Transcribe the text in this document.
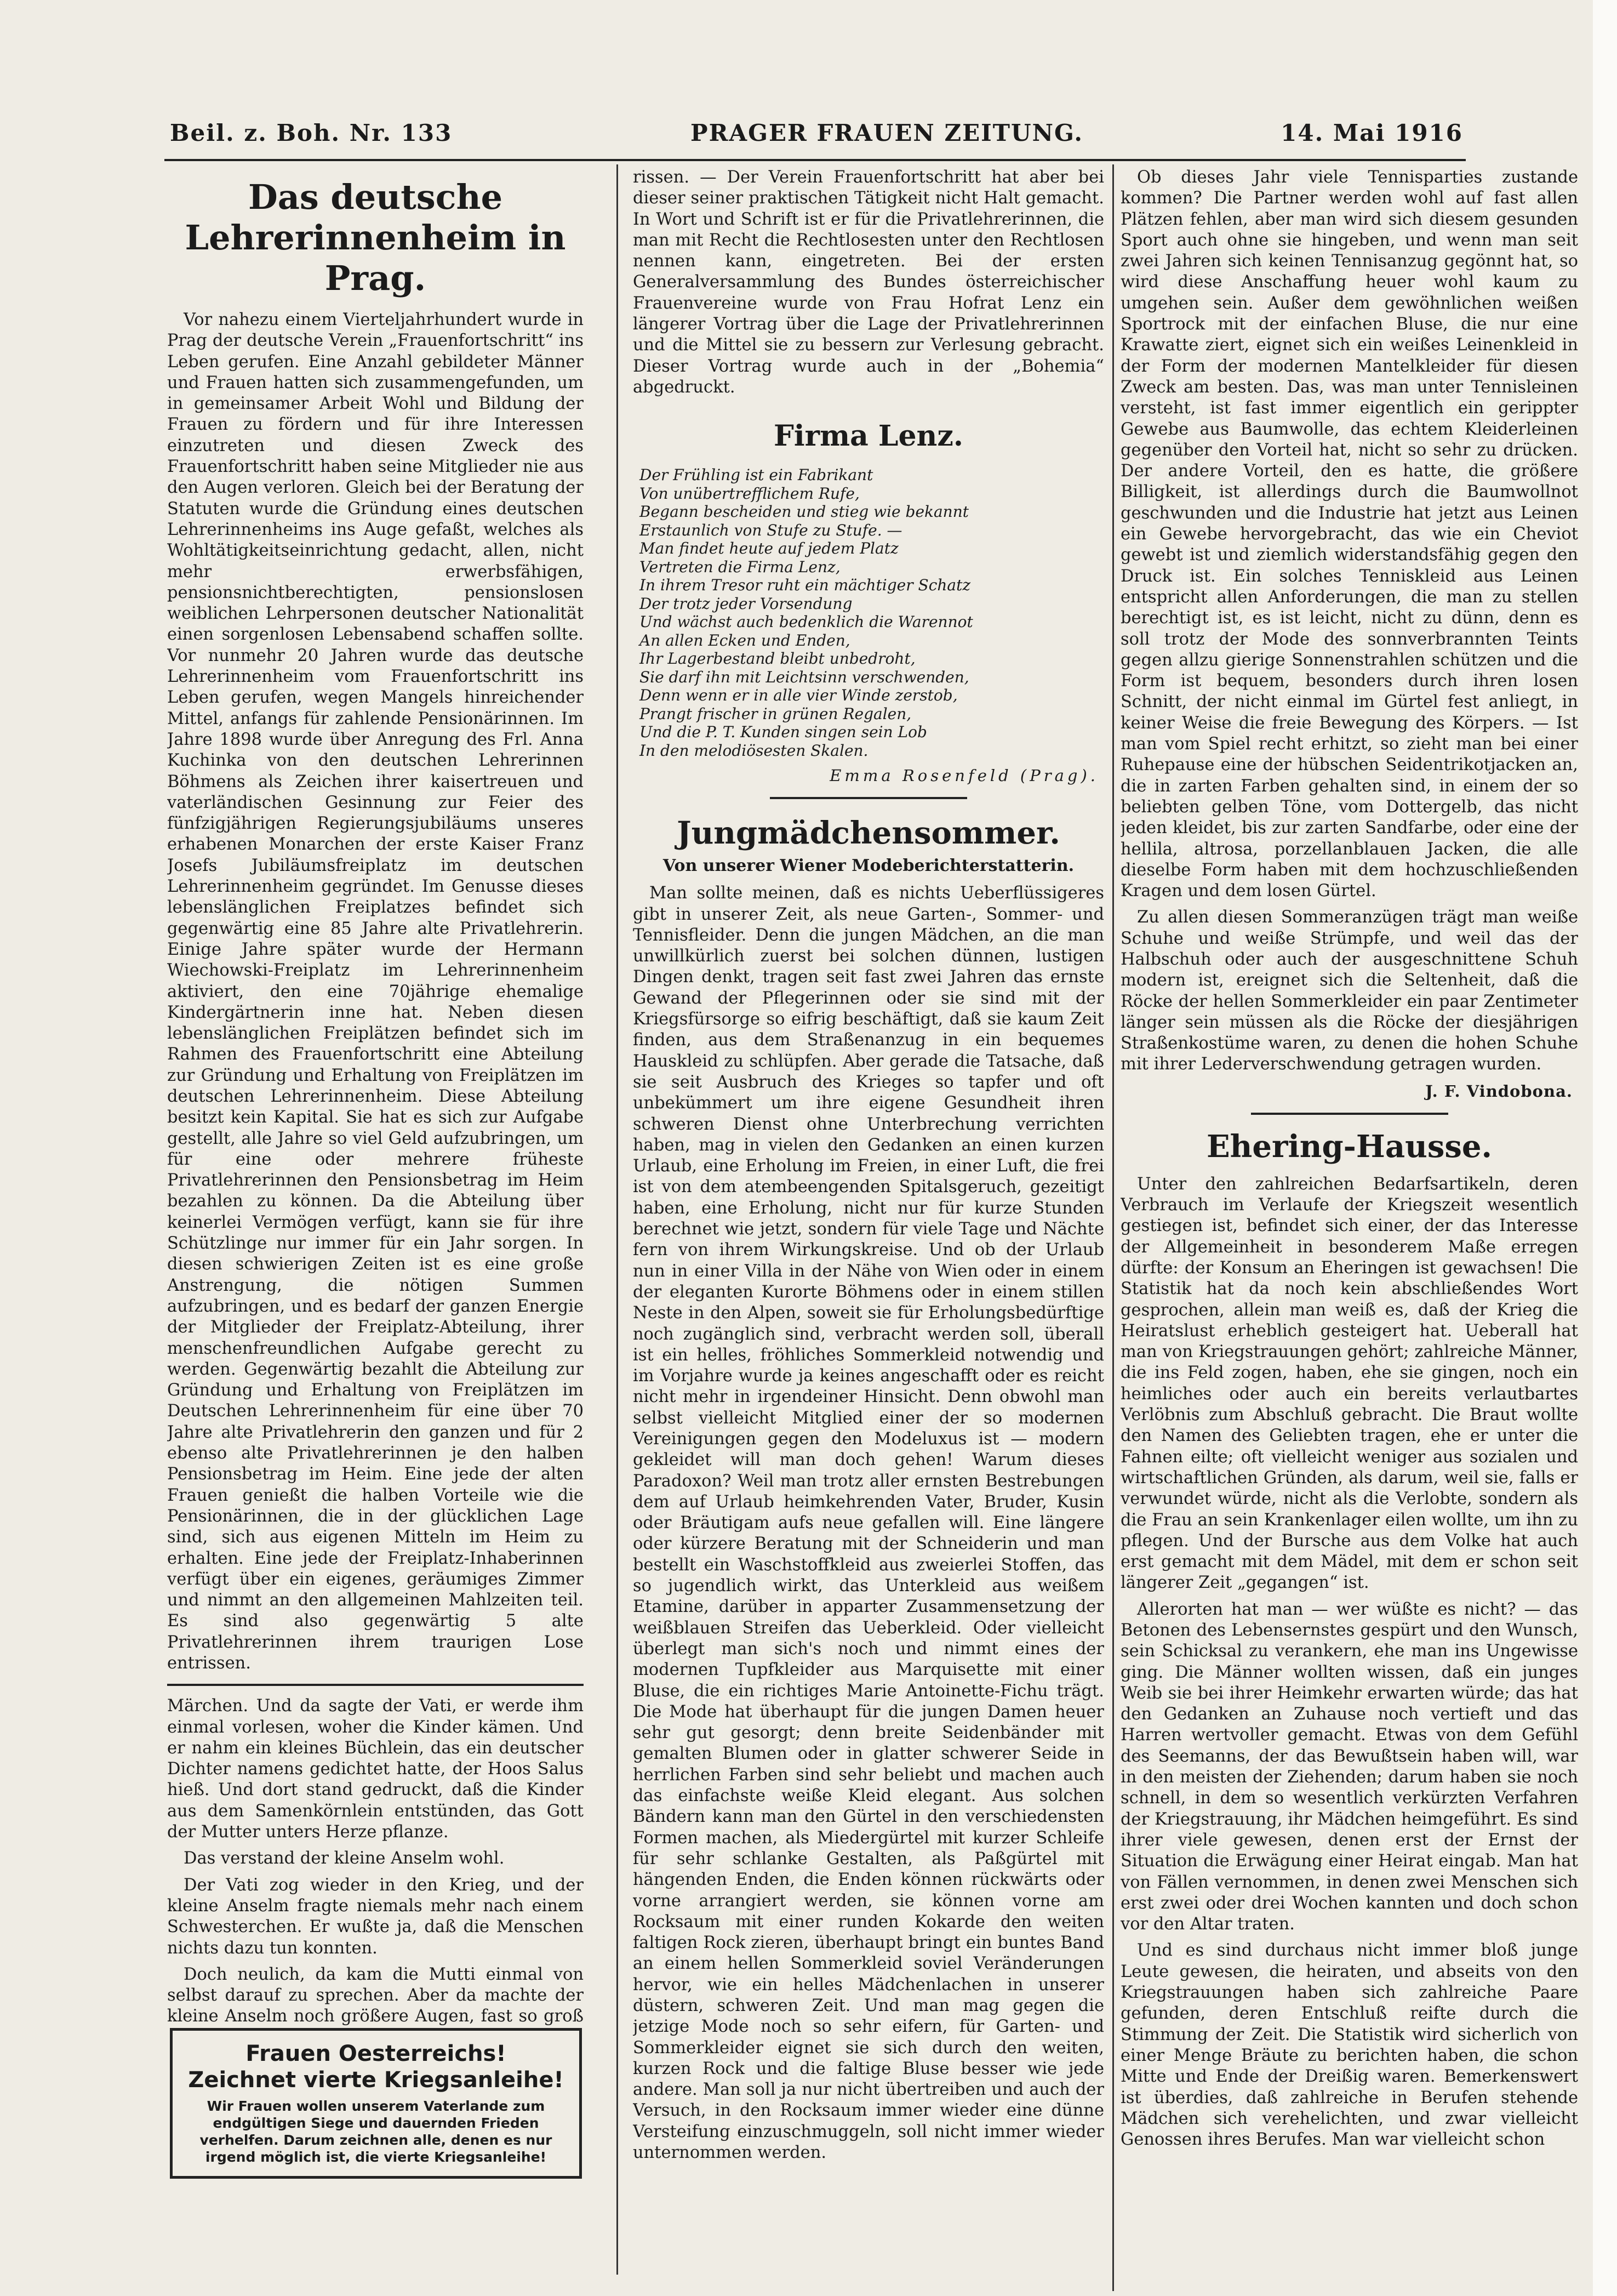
Beil. z. Boh. Nr. 133	PRAGER FRAUEN ZEITUNG.	14. Mai 1916
Das deutsche Lehrerinnenheim in Prag.

Vor nahezu einem Vierteljahrhundert wurde in Prag der deutsche Verein „Frauenfortschritt“ ins Leben gerufen. Eine Anzahl gebildeter Männer und Frauen hatten sich zusammengefunden, um in gemeinsamer Arbeit Wohl und Bildung der Frauen zu fördern und für ihre Interessen einzutreten und diesen Zweck des Frauenfortschritt haben seine Mitglieder nie aus den Augen verloren. Gleich bei der Beratung der Statuten wurde die Gründung eines deutschen Lehrerinnenheims ins Auge gefaßt, welches als Wohltätigkeitseinrichtung gedacht, allen, nicht mehr erwerbsfähigen, pensionsnichtberechtigten, pensionslosen weiblichen Lehrpersonen deutscher Nationalität einen sorgenlosen Lebensabend schaffen sollte. Vor nunmehr 20 Jahren wurde das deutsche Lehrerinnenheim vom Frauenfortschritt ins Leben gerufen, wegen Mangels hinreichender Mittel, anfangs für zahlende Pensionärinnen. Im Jahre 1898 wurde über Anregung des Frl. Anna Kuchinka von den deutschen Lehrerinnen Böhmens als Zeichen ihrer kaisertreuen und vaterländischen Gesinnung zur Feier des fünfzigjährigen Regierungsjubiläums unseres erhabenen Monarchen der erste Kaiser Franz Josefs Jubiläumsfreiplatz im deutschen Lehrerinnenheim gegründet. Im Genusse dieses lebenslänglichen Freiplatzes befindet sich gegenwärtig eine 85 Jahre alte Privatlehrerin. Einige Jahre später wurde der Hermann Wiechowski-Freiplatz im Lehrerinnenheim aktiviert, den eine 70jährige ehemalige Kindergärtnerin inne hat. Neben diesen lebenslänglichen Freiplätzen befindet sich im Rahmen des Frauenfortschritt eine Abteilung zur Gründung und Erhaltung von Freiplätzen im deutschen Lehrerinnenheim. Diese Abteilung besitzt kein Kapital. Sie hat es sich zur Aufgabe gestellt, alle Jahre so viel Geld aufzubringen, um für eine oder mehrere früheste Privatlehrerinnen den Pensionsbetrag im Heim bezahlen zu können. Da die Abteilung über keinerlei Vermögen verfügt, kann sie für ihre Schützlinge nur immer für ein Jahr sorgen. In diesen schwierigen Zeiten ist es eine große Anstrengung, die nötigen Summen aufzubringen, und es bedarf der ganzen Energie der Mitglieder der Freiplatz-Abteilung, ihrer menschenfreundlichen Aufgabe gerecht zu werden. Gegenwärtig bezahlt die Abteilung zur Gründung und Erhaltung von Freiplätzen im Deutschen Lehrerinnenheim für eine über 70 Jahre alte Privatlehrerin den ganzen und für 2 ebenso alte Privatlehrerinnen je den halben Pensionsbetrag im Heim. Eine jede der alten Frauen genießt die halben Vorteile wie die Pensionärinnen, die in der glücklichen Lage sind, sich aus eigenen Mitteln im Heim zu erhalten. Eine jede der Freiplatz-Inhaberinnen verfügt über ein eigenes, geräumiges Zimmer und nimmt an den allgemeinen Mahlzeiten teil. Es sind also gegenwärtig 5 alte Privatlehrerinnen ihrem traurigen Lose entrissen.

Märchen. Und da sagte der Vati, er werde ihm einmal vorlesen, woher die Kinder kämen. Und er nahm ein kleines Büchlein, das ein deutscher Dichter namens gedichtet hatte, der Hoos Salus hieß. Und dort stand gedruckt, daß die Kinder aus dem Samenkörnlein entstünden, das Gott der Mutter unters Herze pflanze.

Das verstand der kleine Anselm wohl.

Der Vati zog wieder in den Krieg, und der kleine Anselm fragte niemals mehr nach einem Schwesterchen. Er wußte ja, daß die Menschen nichts dazu tun konnten.

Doch neulich, da kam die Mutti einmal von selbst darauf zu sprechen. Aber da machte der kleine Anselm noch größere Augen, fast so groß

Frauen Oesterreichs!
Zeichnet vierte Kriegsanleihe!
Wir Frauen wollen unserem Vaterlande zum endgültigen Siege und dauernden Frieden verhelfen. Darum zeichnen alle, denen es nur irgend möglich ist, die vierte Kriegsanleihe!

rissen. — Der Verein Frauenfortschritt hat aber bei dieser seiner praktischen Tätigkeit nicht Halt gemacht. In Wort und Schrift ist er für die Privatlehrerinnen, die man mit Recht die Rechtlosesten unter den Rechtlosen nennen kann, eingetreten. Bei der ersten Generalversammlung des Bundes österreichischer Frauenvereine wurde von Frau Hofrat Lenz ein längerer Vortrag über die Lage der Privatlehrerinnen und die Mittel sie zu bessern zur Verlesung gebracht. Dieser Vortrag wurde auch in der „Bohemia“ abgedruckt.

Firma Lenz.
Der Frühling ist ein Fabrikant
Von unübertrefflichem Rufe,
Begann bescheiden und stieg wie bekannt
Erstaunlich von Stufe zu Stufe. —
Man findet heute auf jedem Platz
Vertreten die Firma Lenz,
In ihrem Tresor ruht ein mächtiger Schatz
Der trotz jeder Vorsendung
Und wächst auch bedenklich die Warennot
An allen Ecken und Enden,
Ihr Lagerbestand bleibt unbedroht,
Sie darf ihn mit Leichtsinn verschwenden,
Denn wenn er in alle vier Winde zerstob,
Prangt frischer in grünen Regalen,
Und die P. T. Kunden singen sein Lob
In den melodiösesten Skalen.
Emma Rosenfeld (Prag).
Jungmädchensommer.
Von unserer Wiener Modeberichterstatterin.

Man sollte meinen, daß es nichts Ueberflüssigeres gibt in unserer Zeit, als neue Garten-, Sommer- und Tennisfleider. Denn die jungen Mädchen, an die man unwillkürlich zuerst bei solchen dünnen, lustigen Dingen denkt, tragen seit fast zwei Jahren das ernste Gewand der Pflegerinnen oder sie sind mit der Kriegsfürsorge so eifrig beschäftigt, daß sie kaum Zeit finden, aus dem Straßenanzug in ein bequemes Hauskleid zu schlüpfen. Aber gerade die Tatsache, daß sie seit Ausbruch des Krieges so tapfer und oft unbekümmert um ihre eigene Gesundheit ihren schweren Dienst ohne Unterbrechung verrichten haben, mag in vielen den Gedanken an einen kurzen Urlaub, eine Erholung im Freien, in einer Luft, die frei ist von dem atembeengenden Spitalsgeruch, gezeitigt haben, eine Erholung, nicht nur für kurze Stunden berechnet wie jetzt, sondern für viele Tage und Nächte fern von ihrem Wirkungskreise. Und ob der Urlaub nun in einer Villa in der Nähe von Wien oder in einem der eleganten Kurorte Böhmens oder in einem stillen Neste in den Alpen, soweit sie für Erholungsbedürftige noch zugänglich sind, verbracht werden soll, überall ist ein helles, fröhliches Sommerkleid notwendig und im Vorjahre wurde ja keines angeschafft oder es reicht nicht mehr in irgendeiner Hinsicht. Denn obwohl man selbst vielleicht Mitglied einer der so modernen Vereinigungen gegen den Modeluxus ist — modern gekleidet will man doch gehen! Warum dieses Paradoxon? Weil man trotz aller ernsten Bestrebungen dem auf Urlaub heimkehrenden Vater, Bruder, Kusin oder Bräutigam aufs neue gefallen will. Eine längere oder kürzere Beratung mit der Schneiderin und man bestellt ein Waschstoffkleid aus zweierlei Stoffen, das so jugendlich wirkt, das Unterkleid aus weißem Etamine, darüber in apparter Zusammensetzung der weißblauen Streifen das Ueberkleid. Oder vielleicht überlegt man sich's noch und nimmt eines der modernen Tupfkleider aus Marquisette mit einer Bluse, die ein richtiges Marie Antoinette-Fichu trägt. Die Mode hat überhaupt für die jungen Damen heuer sehr gut gesorgt; denn breite Seidenbänder mit gemalten Blumen oder in glatter schwerer Seide in herrlichen Farben sind sehr beliebt und machen auch das einfachste weiße Kleid elegant. Aus solchen Bändern kann man den Gürtel in den verschiedensten Formen machen, als Miedergürtel mit kurzer Schleife für sehr schlanke Gestalten, als Paßgürtel mit hängenden Enden, die Enden können rückwärts oder vorne arrangiert werden, sie können vorne am Rocksaum mit einer runden Kokarde den weiten faltigen Rock zieren, überhaupt bringt ein buntes Band an einem hellen Sommerkleid soviel Veränderungen hervor, wie ein helles Mädchenlachen in unserer düstern, schweren Zeit. Und man mag gegen die jetzige Mode noch so sehr eifern, für Garten- und Sommerkleider eignet sie sich durch den weiten, kurzen Rock und die faltige Bluse besser wie jede andere. Man soll ja nur nicht übertreiben und auch der Versuch, in den Rocksaum immer wieder eine dünne Versteifung einzuschmuggeln, soll nicht immer wieder unternommen werden.

Ob dieses Jahr viele Tennisparties zustande kommen? Die Partner werden wohl auf fast allen Plätzen fehlen, aber man wird sich diesem gesunden Sport auch ohne sie hingeben, und wenn man seit zwei Jahren sich keinen Tennisanzug gegönnt hat, so wird diese Anschaffung heuer wohl kaum zu umgehen sein. Außer dem gewöhnlichen weißen Sportrock mit der einfachen Bluse, die nur eine Krawatte ziert, eignet sich ein weißes Leinenkleid in der Form der modernen Mantelkleider für diesen Zweck am besten. Das, was man unter Tennisleinen versteht, ist fast immer eigentlich ein gerippter Gewebe aus Baumwolle, das echtem Kleiderleinen gegenüber den Vorteil hat, nicht so sehr zu drücken. Der andere Vorteil, den es hatte, die größere Billigkeit, ist allerdings durch die Baumwollnot geschwunden und die Industrie hat jetzt aus Leinen ein Gewebe hervorgebracht, das wie ein Cheviot gewebt ist und ziemlich widerstandsfähig gegen den Druck ist. Ein solches Tenniskleid aus Leinen entspricht allen Anforderungen, die man zu stellen berechtigt ist, es ist leicht, nicht zu dünn, denn es soll trotz der Mode des sonnverbrannten Teints gegen allzu gierige Sonnenstrahlen schützen und die Form ist bequem, besonders durch ihren losen Schnitt, der nicht einmal im Gürtel fest anliegt, in keiner Weise die freie Bewegung des Körpers. — Ist man vom Spiel recht erhitzt, so zieht man bei einer Ruhepause eine der hübschen Seidentrikotjacken an, die in zarten Farben gehalten sind, in einem der so beliebten gelben Töne, vom Dottergelb, das nicht jeden kleidet, bis zur zarten Sandfarbe, oder eine der hellila, altrosa, porzellanblauen Jacken, die alle dieselbe Form haben mit dem hochzuschließenden Kragen und dem losen Gürtel.

Zu allen diesen Sommeranzügen trägt man weiße Schuhe und weiße Strümpfe, und weil das der Halbschuh oder auch der ausgeschnittene Schuh modern ist, ereignet sich die Seltenheit, daß die Röcke der hellen Sommerkleider ein paar Zentimeter länger sein müssen als die Röcke der diesjährigen Straßenkostüme waren, zu denen die hohen Schuhe mit ihrer Lederverschwendung getragen wurden.

J. F. Vindobona.
Ehering-Hausse.

Unter den zahlreichen Bedarfsartikeln, deren Verbrauch im Verlaufe der Kriegszeit wesentlich gestiegen ist, befindet sich einer, der das Interesse der Allgemeinheit in besonderem Maße erregen dürfte: der Konsum an Eheringen ist gewachsen! Die Statistik hat da noch kein abschließendes Wort gesprochen, allein man weiß es, daß der Krieg die Heiratslust erheblich gesteigert hat. Ueberall hat man von Kriegstrauungen gehört; zahlreiche Männer, die ins Feld zogen, haben, ehe sie gingen, noch ein heimliches oder auch ein bereits verlautbartes Verlöbnis zum Abschluß gebracht. Die Braut wollte den Namen des Geliebten tragen, ehe er unter die Fahnen eilte; oft vielleicht weniger aus sozialen und wirtschaftlichen Gründen, als darum, weil sie, falls er verwundet würde, nicht als die Verlobte, sondern als die Frau an sein Krankenlager eilen wollte, um ihn zu pflegen. Und der Bursche aus dem Volke hat auch erst gemacht mit dem Mädel, mit dem er schon seit längerer Zeit „gegangen“ ist.

Allerorten hat man — wer wüßte es nicht? — das Betonen des Lebensernstes gespürt und den Wunsch, sein Schicksal zu verankern, ehe man ins Ungewisse ging. Die Männer wollten wissen, daß ein junges Weib sie bei ihrer Heimkehr erwarten würde; das hat den Gedanken an Zuhause noch vertieft und das Harren wertvoller gemacht. Etwas von dem Gefühl des Seemanns, der das Bewußtsein haben will, war in den meisten der Ziehenden; darum haben sie noch schnell, in dem so wesentlich verkürzten Verfahren der Kriegstrauung, ihr Mädchen heimgeführt. Es sind ihrer viele gewesen, denen erst der Ernst der Situation die Erwägung einer Heirat eingab. Man hat von Fällen vernommen, in denen zwei Menschen sich erst zwei oder drei Wochen kannten und doch schon vor den Altar traten.

Und es sind durchaus nicht immer bloß junge Leute gewesen, die heiraten, und abseits von den Kriegstrauungen haben sich zahlreiche Paare gefunden, deren Entschluß reifte durch die Stimmung der Zeit. Die Statistik wird sicherlich von einer Menge Bräute zu berichten haben, die schon Mitte und Ende der Dreißig waren. Bemerkenswert ist überdies, daß zahlreiche in Berufen stehende Mädchen sich verehelichten, und zwar vielleicht Genossen ihres Berufes. Man war vielleicht schon
